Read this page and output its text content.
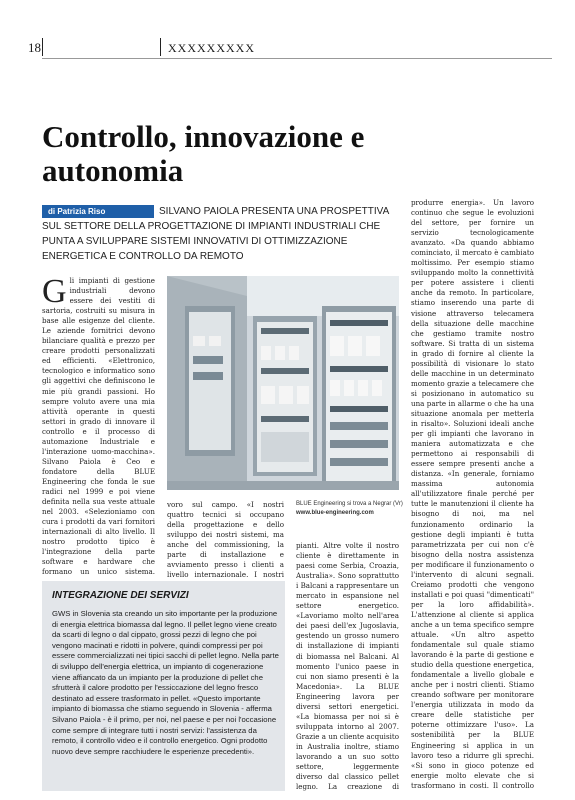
18	XXXXXXXXX
Controllo, innovazione e autonomia
SILVANO PAIOLA PRESENTA UNA PROSPETTIVA SUL SETTORE DELLA PROGETTAZIONE DI IMPIANTI INDUSTRIALI CHE PUNTA A SVILUPPARE SISTEMI INNOVATIVI DI OTTIMIZZAZIONE ENERGETICA E CONTROLLO DA REMOTO
di Patrizia Riso
G li impianti di gestione industriali devono essere dei vestiti di sartoria, costruiti su misura in base alle esigenze del cliente. Le aziende fornitrici devono bilanciare qualità e prezzo per creare prodotti personalizzati ed efficienti. «Elettronico, tecnologico e informatico sono gli aggettivi che definiscono le mie più grandi passioni. Ho sempre voluto avere una mia attività operante in questi settori in grado di innovare il controllo e il processo di automazione Industriale e l'interazione uomo-macchina». Silvano Paiola è Ceo e fondatore della BLUE Engineering che fonda le sue radici nel 1999 e poi viene definita nella sua veste attuale nel 2003. «Selezioniamo con cura i prodotti da vari fornitori internazionali di alto livello. Il nostro prodotto tipico è l'integrazione della parte software e hardware che formano un unico sistema.
BLUE Engineering si trova a Negrar (Vr)
www.blue-engineering.com
voro sul campo. «I nostri quattro tecnici si occupano della progettazione e dello sviluppo dei nostri sistemi, ma anche del commissioning, la parte di installazione e avviamento presso i clienti a livello internazionale. I nostri
pianti. Altre volte il nostro cliente è direttamente in paesi come Serbia, Croazia, Australia». Sono soprattutto i Balcani a rappresentare un mercato in espansione nel settore energetico. «Lavoriamo molto nell'area dei paesi dell'ex Jugoslavia, gestendo un grosso numero di installazione di impianti di biomassa nel Balcani. Al momento l'unico paese in cui non siamo presenti è la Macedonia». La BLUE Engineering lavora per diversi settori energetici. «La biomassa per noi si è sviluppata intorno al 2007. Grazie a un cliente acquisito in Australia inoltre, stiamo lavorando a un suo sotto settore, leggermente diverso dal classico pellet legno. La creazione di
produrre energia». Un lavoro continuo che segue le evoluzioni del settore, per fornire un servizio tecnologicamente avanzato. «Da quando abbiamo cominciato, il mercato è cambiato moltissimo. Per esempio stiamo sviluppando molto la connettività per potere assistere i clienti anche da remoto. In particolare, stiamo inserendo una parte di visione attraverso telecamera della situazione delle macchine che gestiamo tramite nostro software. Si tratta di un sistema in grado di fornire al cliente la possibilità di visionare lo stato delle macchine in un determinato momento grazie a telecamere che si posizionano in automatico su una parte in allarme o che ha una situazione anomala per metterla in risalto». Soluzioni ideali anche per gli impianti che lavorano in maniera automatizzata e che permettono ai responsabili di essere sempre presenti anche a distanza. «In generale, forniamo massima autonomia all'utilizzatore finale perché per tutte le manutenzioni il cliente ha bisogno di noi, ma nel funzionamento ordinario la gestione degli impianti è tutta parametrizzata per cui non c'è bisogno della nostra assistenza per modificare il funzionamento o l'intervento di alcuni segnali. Creiamo prodotti che vengono installati e poi quasi "dimenticati" per la loro affidabilità». L'attenzione al cliente si applica anche a un tema specifico sempre attuale. «Un altro aspetto fondamentale sul quale stiamo lavorando è la parte di gestione e studio della questione energetica, fondamentale a livello globale e anche per i nostri clienti. Stiamo creando software per monitorare l'energia utilizzata in modo da creare delle statistiche per poterne ottimizzare l'uso». La sostenibilità per la BLUE Engineering si applica in un lavoro teso a ridurre gli sprechi. «Si sono in gioco potenze ed energie molto elevate che si trasformano in costi. Il controllo
INTEGRAZIONE DEI SERVIZI
GWS in Slovenia sta creando un sito importante per la produzione di energia elettrica biomassa dal legno. Il pellet legno viene creato da scarti di legno o dal cippato, grossi pezzi di legno che poi vengono macinati e ridotti in polvere, quindi compressi per poi essere commercializzati nei tipici sacchi di pellet legno. Nella parte di sviluppo dell'energia elettrica, un impianto di cogenerazione viene affiancato da un impianto per la produzione di pellet che sfrutterà il calore prodotto per l'essiccazione del legno fresco destinato ad essere trasformato in pellet. «Questo importante impianto di biomassa che stiamo seguendo in Slovenia - afferma Silvano Paiola - è il primo, per noi, nel paese e per noi l'occasione come sempre di integrare tutti i nostri servizi: l'assistenza da remoto, il controllo video e il controllo energetico. Ogni prodotto nuovo deve sempre racchiudere le esperienze precedenti».
